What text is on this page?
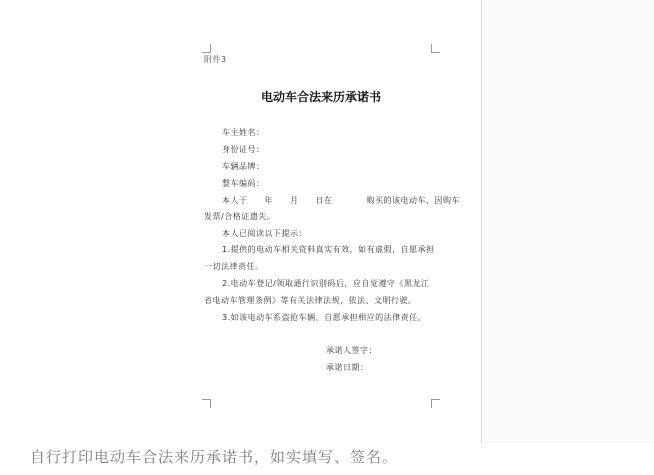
附件3
电动车合法来历承诺书
车主姓名：
身份证号：
车辆品牌：
整车编码：
本人于　　年　　月　　日在　　　　购买的该电动车，因购车
发票/合格证遗失。
本人已阅读以下提示：
1.提供的电动车相关资料真实有效，如有虚假，自愿承担
一切法律责任。
2.电动车登记/领取通行识别码后，应自觉遵守《黑龙江
省电动车管理条例》等有关法律法规，依法、文明行驶。
3.如该电动车系盗抢车辆，自愿承担相应的法律责任。
承诺人签字：
承诺日期：
自行打印电动车合法来历承诺书，如实填写、签名。
